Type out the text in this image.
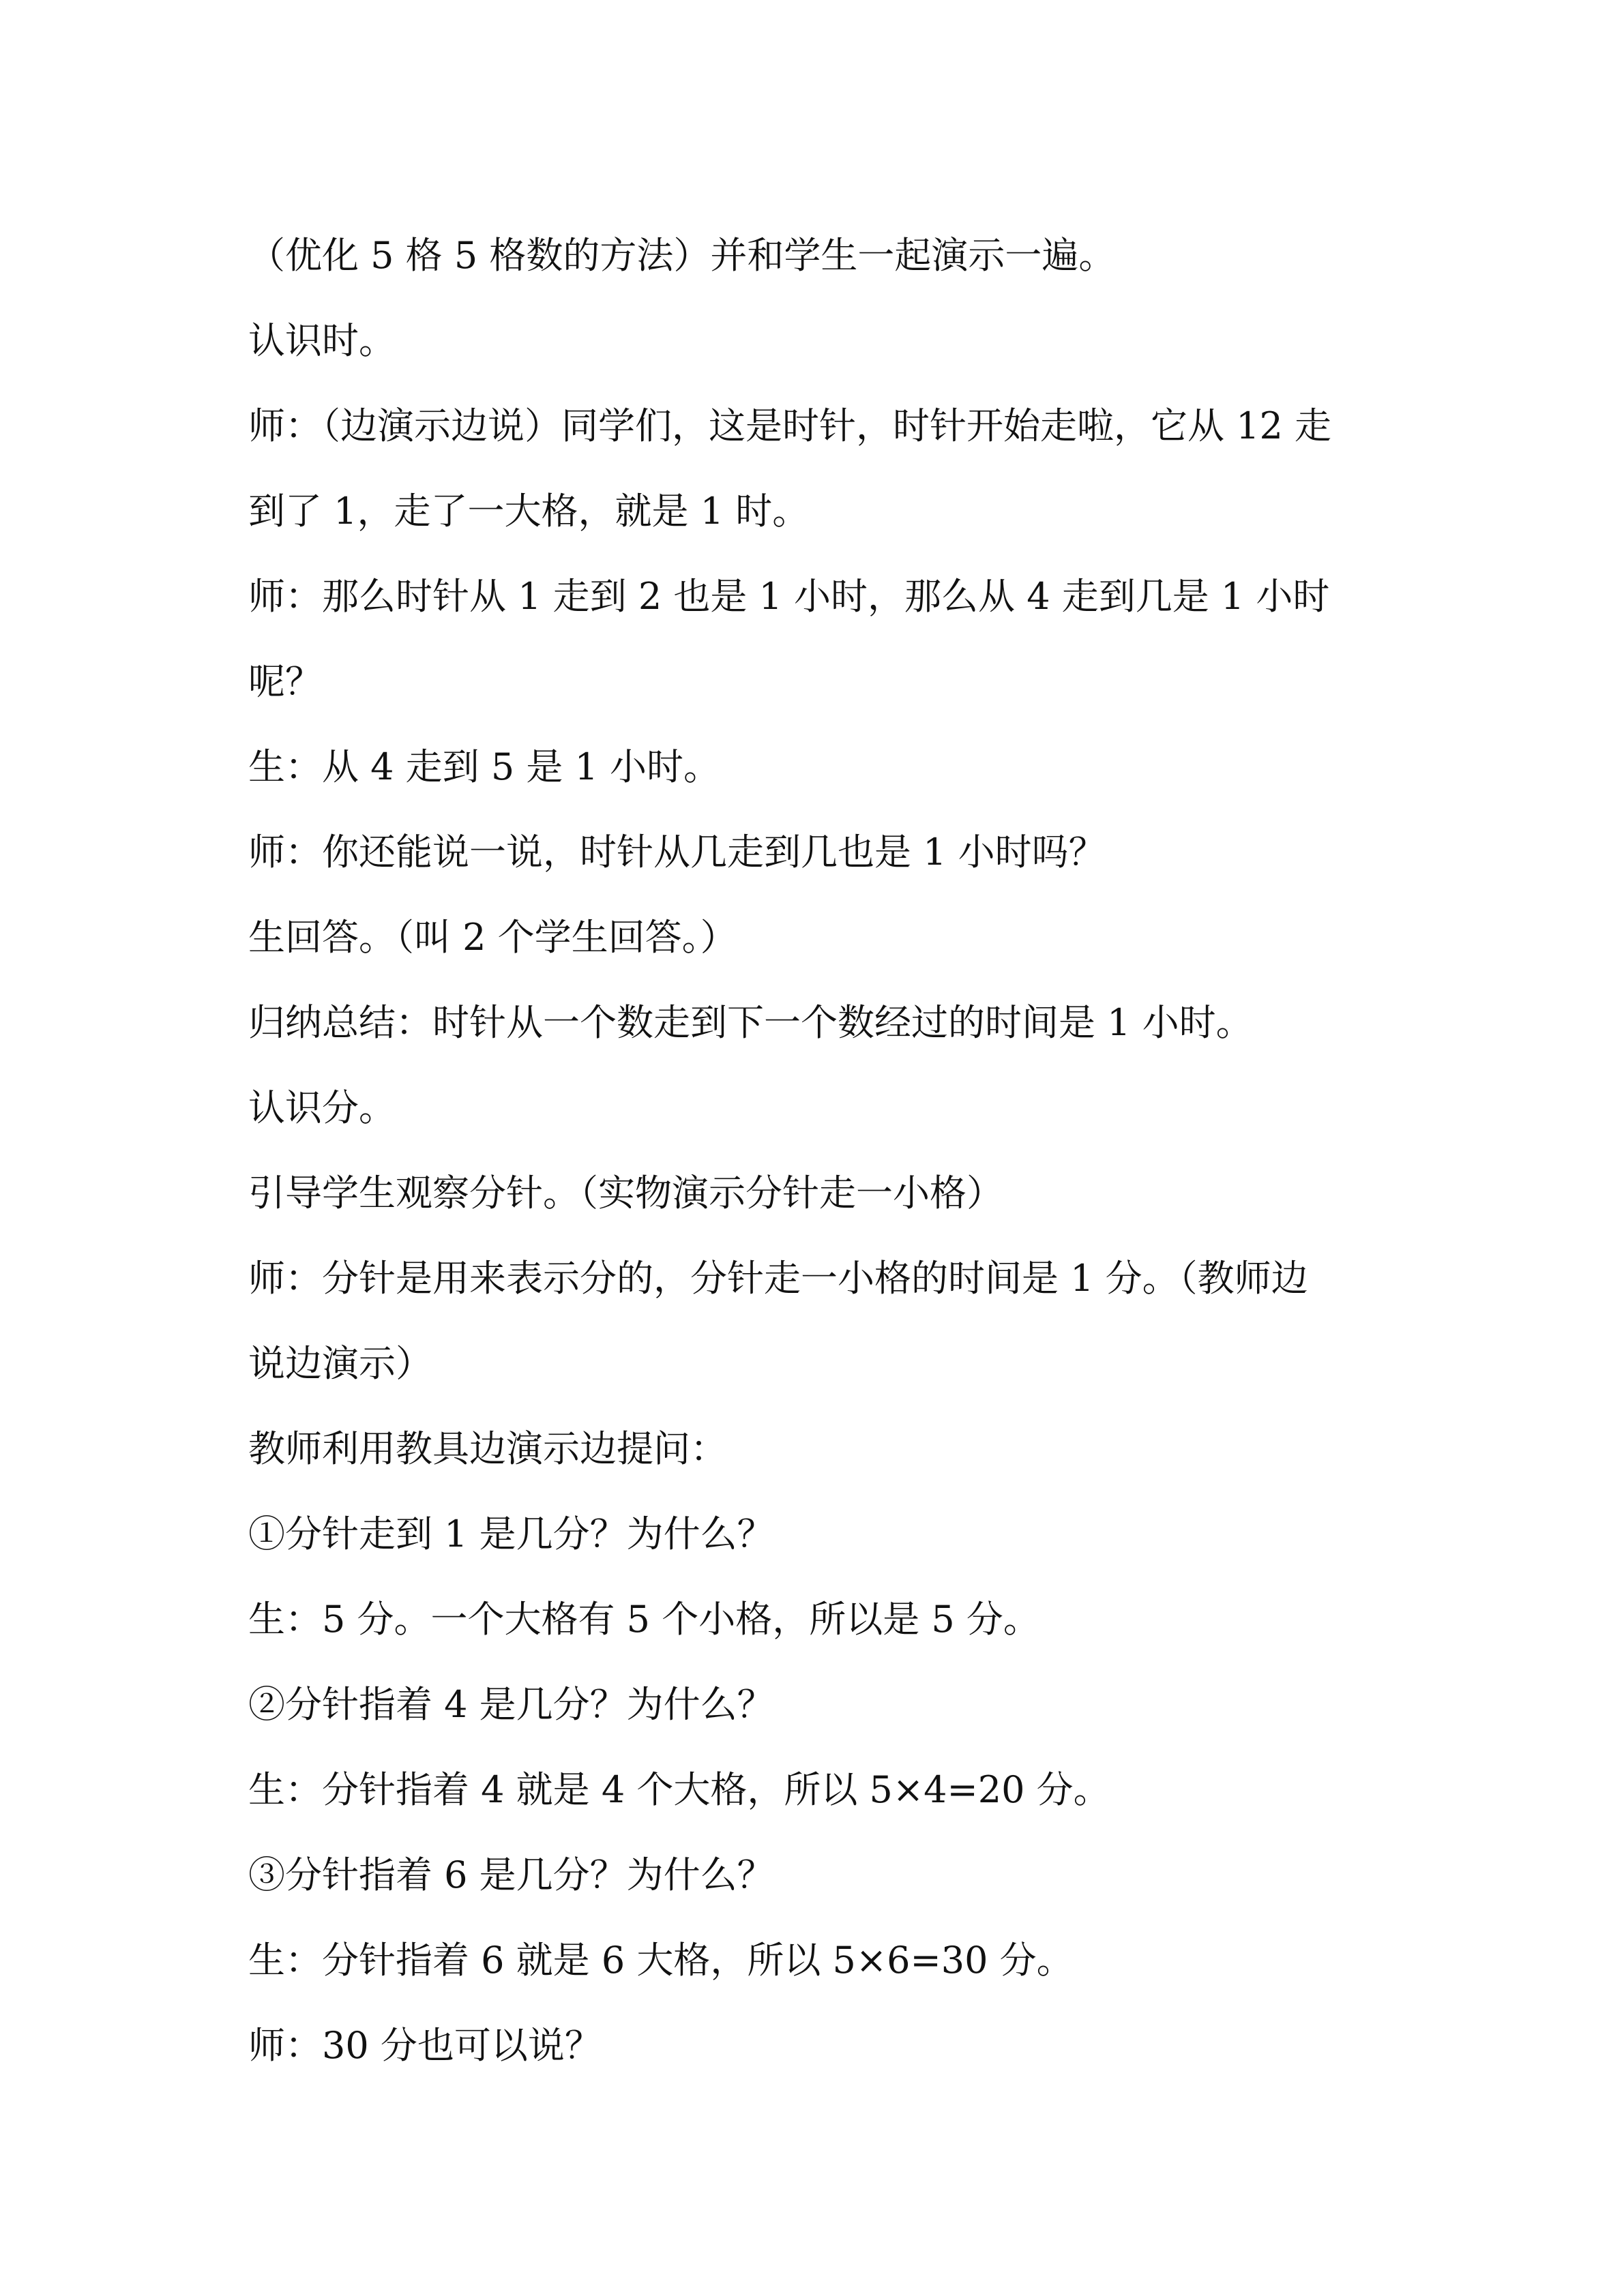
（优化 5 格 5 格数的方法）并和学生一起演示一遍。
认识时。
师：（边演示边说）同学们，这是时针，时针开始走啦，它从 12 走
到了 1，走了一大格，就是 1 时。
师：那么时针从 1 走到 2 也是 1 小时，那么从 4 走到几是 1 小时
呢？
生：从 4 走到 5 是 1 小时。
师：你还能说一说，时针从几走到几也是 1 小时吗？
生回答。（叫 2 个学生回答。）
归纳总结：时针从一个数走到下一个数经过的时间是 1 小时。
认识分。
引导学生观察分针。（实物演示分针走一小格）
师：分针是用来表示分的，分针走一小格的时间是 1 分。（教师边
说边演示）
教师利用教具边演示边提问：
①分针走到 1 是几分？为什么？
生：5 分。一个大格有 5 个小格，所以是 5 分。
②分针指着 4 是几分？为什么？
生：分针指着 4 就是 4 个大格，所以 5×4=20 分。
③分针指着 6 是几分？为什么？
生：分针指着 6 就是 6 大格，所以 5×6=30 分。
师：30 分也可以说？
